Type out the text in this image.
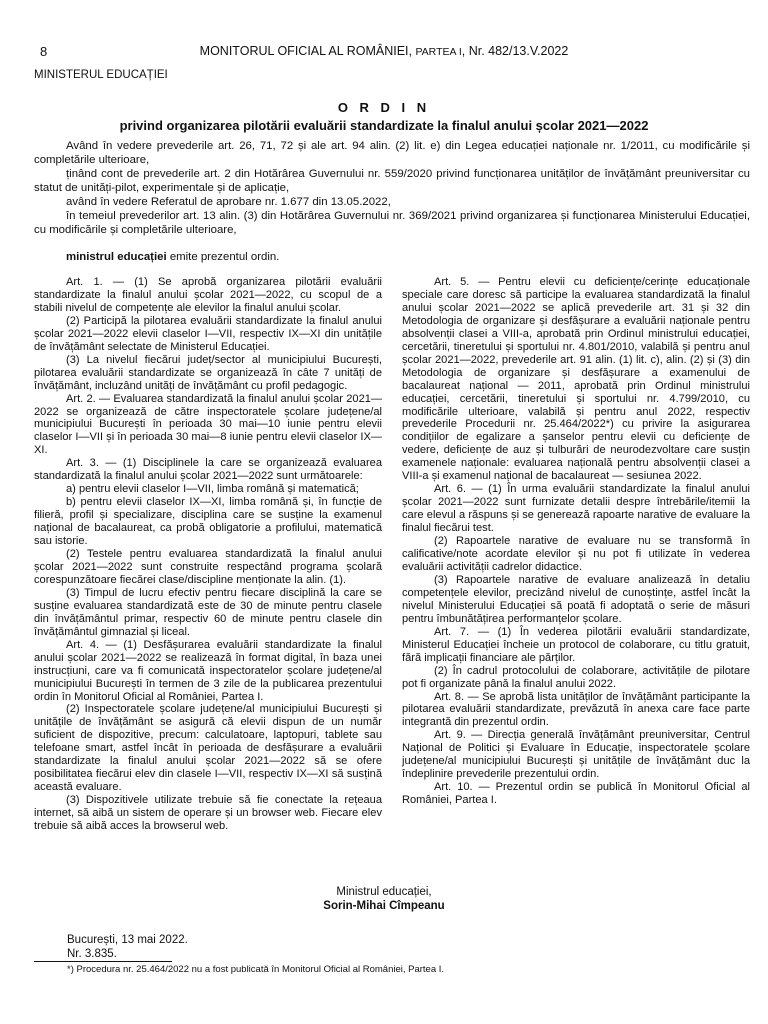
8	MONITORUL OFICIAL AL ROMÂNIEI, PARTEA I, Nr. 482/13.V.2022
MINISTERUL EDUCAȚIEI
O R D I N
privind organizarea pilotării evaluării standardizate la finalul anului școlar 2021—2022

Având în vedere prevederile art. 26, 71, 72 și ale art. 94 alin. (2) lit. e) din Legea educației naționale nr. 1/2011, cu modificările și completările ulterioare,

ținând cont de prevederile art. 2 din Hotărârea Guvernului nr. 559/2020 privind funcționarea unităților de învățământ preuniversitar cu statut de unități-pilot, experimentale și de aplicație,

având în vedere Referatul de aprobare nr. 1.677 din 13.05.2022,

în temeiul prevederilor art. 13 alin. (3) din Hotărârea Guvernului nr. 369/2021 privind organizarea și funcționarea Ministerului Educației, cu modificările și completările ulterioare,

ministrul educației emite prezentul ordin.

Art. 1. — (1) Se aprobă organizarea pilotării evaluării standardizate la finalul anului școlar 2021—2022, cu scopul de a stabili nivelul de competențe ale elevilor la finalul anului școlar.

(2) Participă la pilotarea evaluării standardizate la finalul anului școlar 2021—2022 elevii claselor I—VII, respectiv IX—XI din unitățile de învățământ selectate de Ministerul Educației.

(3) La nivelul fiecărui județ/sector al municipiului București, pilotarea evaluării standardizate se organizează în câte 7 unități de învățământ, incluzând unități de învățământ cu profil pedagogic.

Art. 2. — Evaluarea standardizată la finalul anului școlar 2021—2022 se organizează de către inspectoratele școlare județene/al municipiului București în perioada 30 mai—10 iunie pentru elevii claselor I—VII și în perioada 30 mai—8 iunie pentru elevii claselor IX—XI.

Art. 3. — (1) Disciplinele la care se organizează evaluarea standardizată la finalul anului școlar 2021—2022 sunt următoarele:

a) pentru elevii claselor I—VII, limba română și matematică;

b) pentru elevii claselor IX—XI, limba română și, în funcție de filieră, profil și specializare, disciplina care se susține la examenul național de bacalaureat, ca probă obligatorie a profilului, matematică sau istorie.

(2) Testele pentru evaluarea standardizată la finalul anului școlar 2021—2022 sunt construite respectând programa școlară corespunzătoare fiecărei clase/discipline menționate la alin. (1).

(3) Timpul de lucru efectiv pentru fiecare disciplină la care se susține evaluarea standardizată este de 30 de minute pentru clasele din învățământul primar, respectiv 60 de minute pentru clasele din învățământul gimnazial și liceal.

Art. 4. — (1) Desfășurarea evaluării standardizate la finalul anului școlar 2021—2022 se realizează în format digital, în baza unei instrucțiuni, care va fi comunicată inspectoratelor școlare județene/al municipiului București în termen de 3 zile de la publicarea prezentului ordin în Monitorul Oficial al României, Partea I.

(2) Inspectoratele școlare județene/al municipiului București și unitățile de învățământ se asigură că elevii dispun de un număr suficient de dispozitive, precum: calculatoare, laptopuri, tablete sau telefoane smart, astfel încât în perioada de desfășurare a evaluării standardizate la finalul anului școlar 2021—2022 să se ofere posibilitatea fiecărui elev din clasele I—VII, respectiv IX—XI să susțină această evaluare.

(3) Dispozitivele utilizate trebuie să fie conectate la rețeaua internet, să aibă un sistem de operare și un browser web. Fiecare elev trebuie să aibă acces la browserul web.

Art. 5. — Pentru elevii cu deficiențe/cerințe educaționale speciale care doresc să participe la evaluarea standardizată la finalul anului școlar 2021—2022 se aplică prevederile art. 31 și 32 din Metodologia de organizare și desfășurare a evaluării naționale pentru absolvenții clasei a VIII-a, aprobată prin Ordinul ministrului educației, cercetării, tineretului și sportului nr. 4.801/2010, valabilă și pentru anul școlar 2021—2022, prevederile art. 91 alin. (1) lit. c), alin. (2) și (3) din Metodologia de organizare și desfășurare a examenului de bacalaureat național — 2011, aprobată prin Ordinul ministrului educației, cercetării, tineretului și sportului nr. 4.799/2010, cu modificările ulterioare, valabilă și pentru anul 2022, respectiv prevederile Procedurii nr. 25.464/2022*) cu privire la asigurarea condițiilor de egalizare a șanselor pentru elevii cu deficiențe de vedere, deficiențe de auz și tulburări de neurodezvoltare care susțin examenele naționale: evaluarea națională pentru absolvenții clasei a VIII-a și examenul național de bacalaureat — sesiunea 2022.

Art. 6. — (1) În urma evaluării standardizate la finalul anului școlar 2021—2022 sunt furnizate detalii despre întrebările/itemii la care elevul a răspuns și se generează rapoarte narative de evaluare la finalul fiecărui test.

(2) Rapoartele narative de evaluare nu se transformă în calificative/note acordate elevilor și nu pot fi utilizate în vederea evaluării activității cadrelor didactice.

(3) Rapoartele narative de evaluare analizează în detaliu competențele elevilor, precizând nivelul de cunoștințe, astfel încât la nivelul Ministerului Educației să poată fi adoptată o serie de măsuri pentru îmbunătățirea performanțelor școlare.

Art. 7. — (1) În vederea pilotării evaluării standardizate, Ministerul Educației încheie un protocol de colaborare, cu titlu gratuit, fără implicații financiare ale părților.

(2) În cadrul protocolului de colaborare, activitățile de pilotare pot fi organizate până la finalul anului 2022.

Art. 8. — Se aprobă lista unităților de învățământ participante la pilotarea evaluării standardizate, prevăzută în anexa care face parte integrantă din prezentul ordin.

Art. 9. — Direcția generală învățământ preuniversitar, Centrul Național de Politici și Evaluare în Educație, inspectoratele școlare județene/al municipiului București și unitățile de învățământ duc la îndeplinire prevederile prezentului ordin.

Art. 10. — Prezentul ordin se publică în Monitorul Oficial al României, Partea I.

Ministrul educației,
Sorin-Mihai Cîmpeanu
București, 13 mai 2022.
Nr. 3.835.
*) Procedura nr. 25.464/2022 nu a fost publicată în Monitorul Oficial al României, Partea I.
